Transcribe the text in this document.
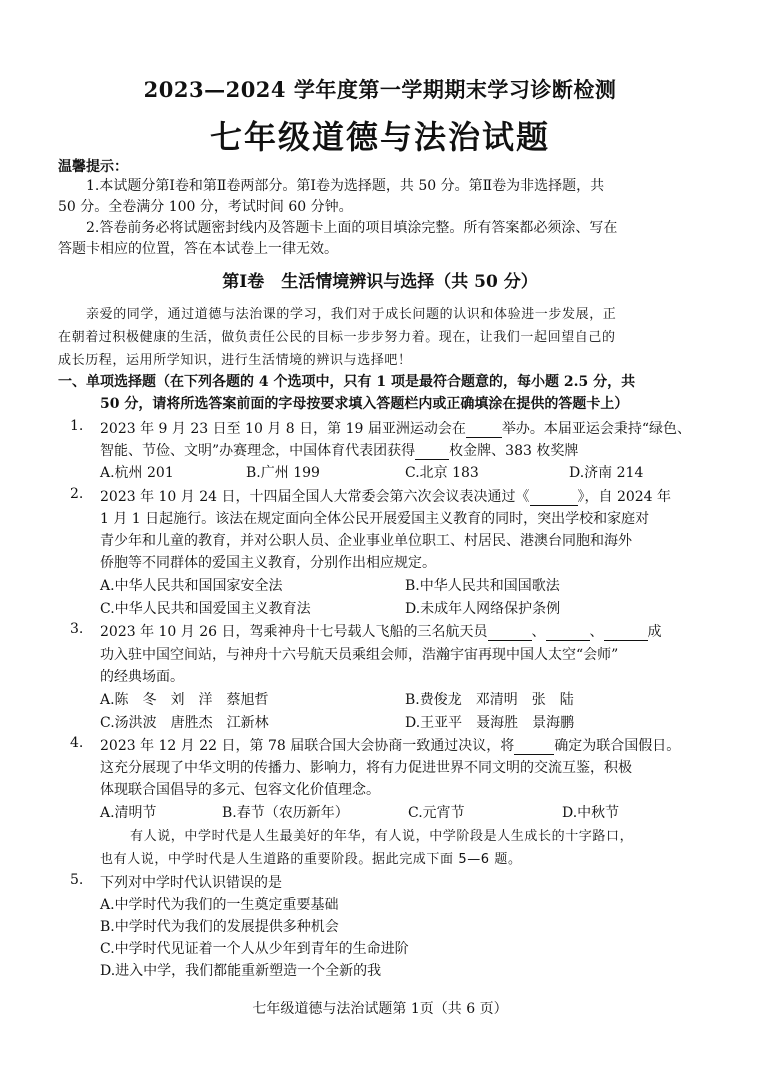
2023—2024 学年度第一学期期末学习诊断检测
七年级道德与法治试题
温馨提示：
1.本试题分第Ⅰ卷和第Ⅱ卷两部分。第Ⅰ卷为选择题，共 50 分。第Ⅱ卷为非选择题，共
50 分。全卷满分 100 分，考试时间 60 分钟。
2.答卷前务必将试题密封线内及答题卡上面的项目填涂完整。所有答案都必须涂、写在
答题卡相应的位置，答在本试卷上一律无效。
第Ⅰ卷　生活情境辨识与选择（共 50 分）
亲爱的同学，通过道德与法治课的学习，我们对于成长问题的认识和体验进一步发展，正
在朝着过积极健康的生活，做负责任公民的目标一步步努力着。现在，让我们一起回望自己的
成长历程，运用所学知识，进行生活情境的辨识与选择吧！
一、单项选择题（在下列各题的 4 个选项中，只有 1 项是最符合题意的，每小题 2.5 分，共
50 分，请将所选答案前面的字母按要求填入答题栏内或正确填涂在提供的答题卡上）
1. 2023 年 9 月 23 日至 10 月 8 日，第 19 届亚洲运动会在	举办。本届亚运会秉持“绿色、
智能、节俭、文明”办赛理念，中国体育代表团获得 枚金牌、383 枚奖牌
A.杭州 201	B.广州 199	C.北京 183	D.济南 214
2. 2023 年 10 月 24 日，十四届全国人大常委会第六次会议表决通过《	》，自 2024 年
1 月 1 日起施行。该法在规定面向全体公民开展爱国主义教育的同时，突出学校和家庭对
青少年和儿童的教育，并对公职人员、企业事业单位职工、村居民、港澳台同胞和海外
侨胞等不同群体的爱国主义教育，分别作出相应规定。
A.中华人民共和国国家安全法	B.中华人民共和国国歌法
C.中华人民共和国爱国主义教育法	D.未成年人网络保护条例
3. 2023 年 10 月 26 日，驾乘神舟十七号载人飞船的三名航天员	、	、	成
功入驻中国空间站，与神舟十六号航天员乘组会师，浩瀚宇宙再现中国人太空“会师”
的经典场面。
A.陈　冬　刘　洋　蔡旭哲	B.费俊龙　邓清明　张　陆
C.汤洪波　唐胜杰　江新林	D.王亚平　聂海胜　景海鹏
4. 2023 年 12 月 22 日，第 78 届联合国大会协商一致通过决议，将	确定为联合国假日。
这充分展现了中华文明的传播力、影响力，将有力促进世界不同文明的交流互鉴，积极
体现联合国倡导的多元、包容文化价值理念。
A.清明节	B.春节（农历新年）	C.元宵节	D.中秋节
有人说，中学时代是人生最美好的年华，有人说，中学阶段是人生成长的十字路口，
也有人说，中学时代是人生道路的重要阶段。据此完成下面 5—6 题。
5. 下列对中学时代认识错误的是
A.中学时代为我们的一生奠定重要基础
B.中学时代为我们的发展提供多种机会
C.中学时代见证着一个人从少年到青年的生命进阶
D.进入中学，我们都能重新塑造一个全新的我
七年级道德与法治试题第 1页（共 6 页）
